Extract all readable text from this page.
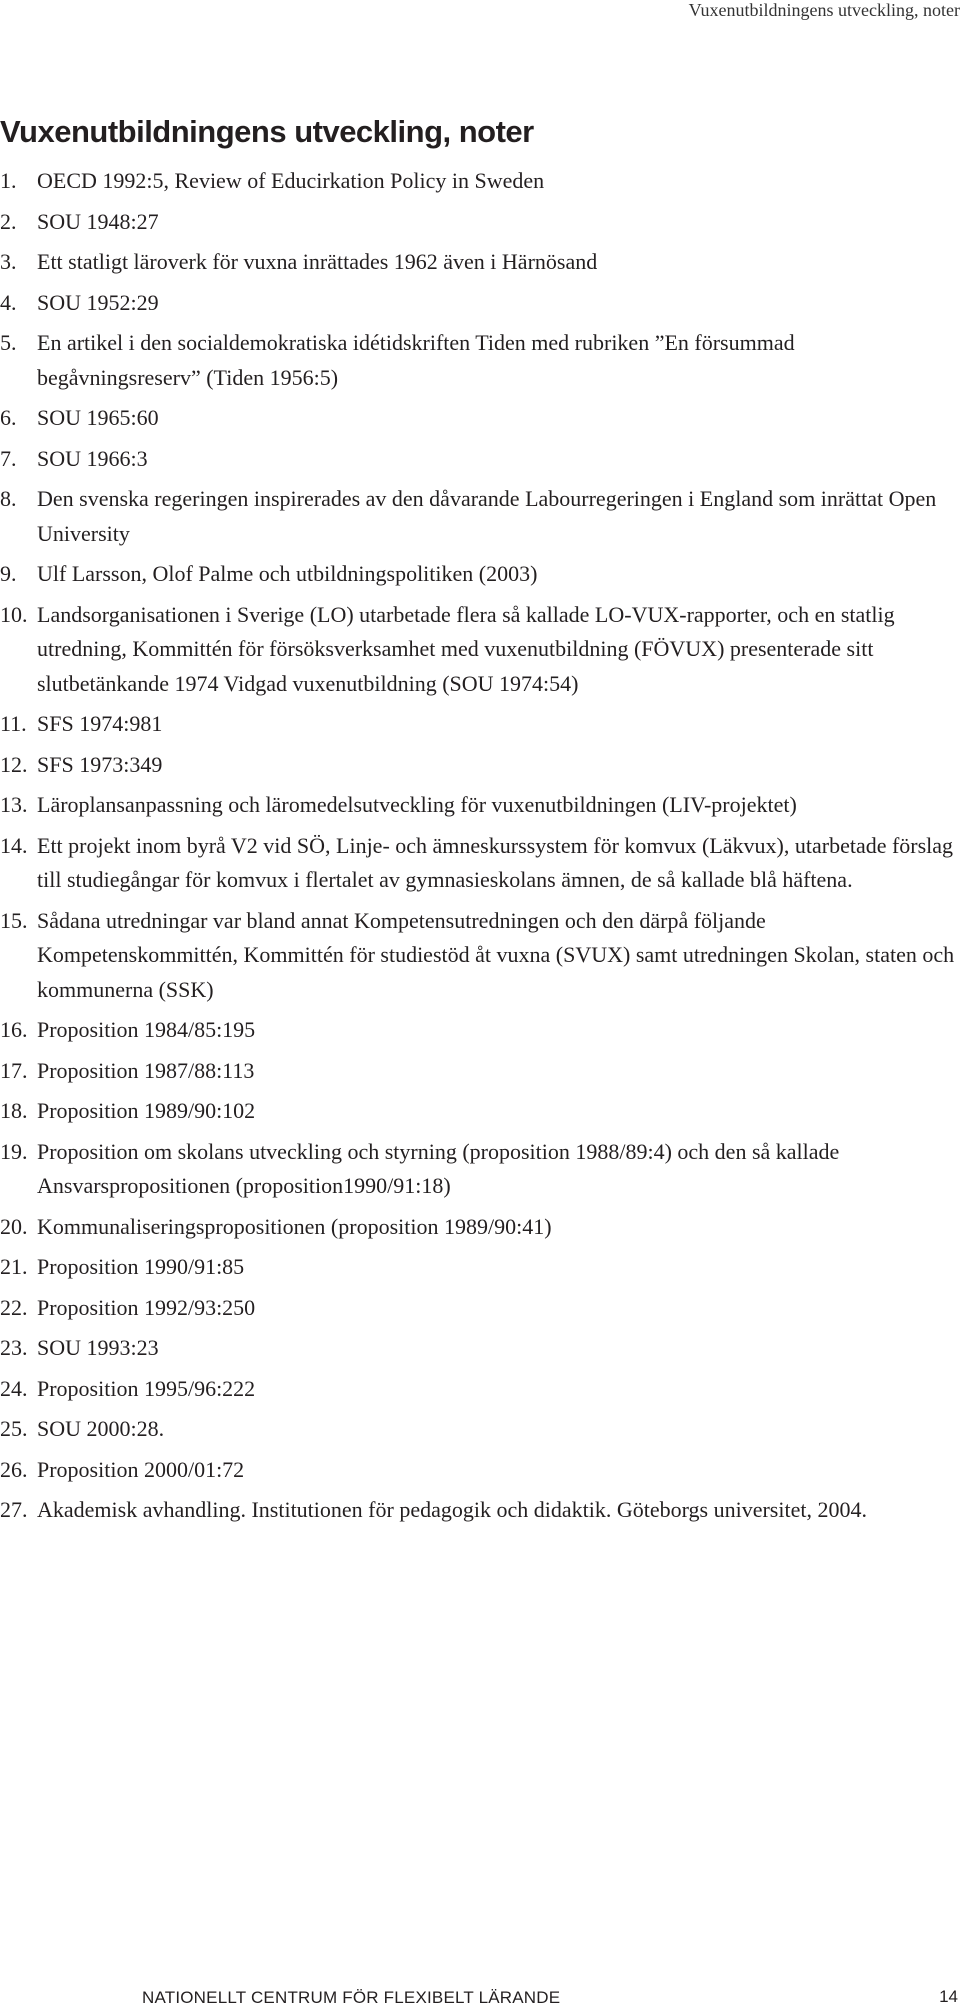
Vuxenutbildningens utveckling, noter
Vuxenutbildningens utveckling, noter
1. OECD 1992:5, Review of Educirkation Policy in Sweden
2. SOU 1948:27
3. Ett statligt läroverk för vuxna inrättades 1962 även i Härnösand
4. SOU 1952:29
5. En artikel i den socialdemokratiska idétidskriften Tiden med rubriken ”En försummad begåvningsreserv” (Tiden 1956:5)
6. SOU 1965:60
7. SOU 1966:3
8. Den svenska regeringen inspirerades av den dåvarande Labourregeringen i England som inrättat Open University
9. Ulf Larsson, Olof Palme och utbildningspolitiken (2003)
10. Landsorganisationen i Sverige (LO) utarbetade flera så kallade LO-VUX-rapporter, och en statlig utredning, Kommittén för försöksverksamhet med vuxenutbildning (FÖVUX) presenterade sitt slutbetänkande 1974 Vidgad vuxenutbildning (SOU 1974:54)
11. SFS 1974:981
12. SFS 1973:349
13. Läroplansanpassning och läromedelsutveckling för vuxenutbildningen (LIV-projektet)
14. Ett projekt inom byrå V2 vid SÖ, Linje- och ämneskurssystem för komvux (Läkvux), utarbetade förslag till studiegångar för komvux i flertalet av gymnasieskolans ämnen, de så kallade blå häftena.
15. Sådana utredningar var bland annat Kompetensutredningen och den därpå följande Kompetenskommittén, Kommittén för studiestöd åt vuxna (SVUX) samt utredningen Skolan, staten och kommunerna (SSK)
16. Proposition 1984/85:195
17. Proposition 1987/88:113
18. Proposition 1989/90:102
19. Proposition om skolans utveckling och styrning (proposition 1988/89:4) och den så kallade Ansvarspropositionen (proposition1990/91:18)
20. Kommunaliseringspropositionen (proposition 1989/90:41)
21. Proposition 1990/91:85
22. Proposition 1992/93:250
23. SOU 1993:23
24. Proposition 1995/96:222
25. SOU 2000:28.
26. Proposition 2000/01:72
27. Akademisk avhandling. Institutionen för pedagogik och didaktik. Göteborgs universitet, 2004.
NATIONELLT CENTRUM FÖR FLEXIBELT LÄRANDE	14
